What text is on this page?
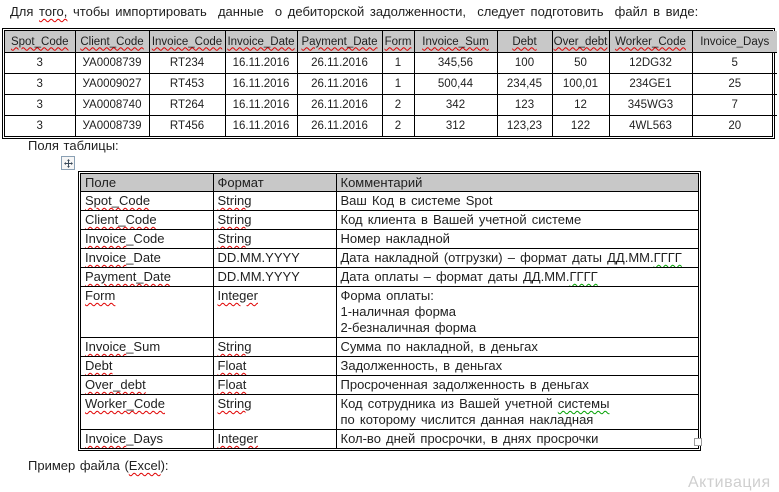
Для того, чтобы импортировать  данные  о дебиторской задолженности,  следует подготовить  файл в виде:

Spot_Code	Client_Code	Invoice_Code	Invoice_Date	Payment_Date	Form	Invoice_Sum	Debt	Over_debt	Worker_Code	Invoice_Days
3	УА0008739	RT234	16.11.2016	26.11.2016	1	345,56	100	50	12DG32	5
3	УА0009027	RT453	16.11.2016	26.11.2016	1	500,44	234,45	100,01	234GE1	25
3	УА0008740	RT264	16.11.2016	26.11.2016	2	342	123	12	345WG3	7
3	УА0008739	RT456	16.11.2016	26.11.2016	2	312	123,23	122	4WL563	20

Поля таблицы:

Поле	Формат	Комментарий
Spot_Code	String	Ваш Код в системе Spot

Client_Code	String	Код клиента в Вашей учетной системе

Invoice_Code	String	Номер накладной

Invoice_Date	DD.MM.YYYY	Дата накладной (отгрузки) – формат даты ДД.ММ.ГГГГ

Payment_Date	DD.MM.YYYY	Дата оплаты – формат даты ДД.ММ.ГГГГ

Form	Integer	Форма оплаты:
1-наличная форма
2-безналичная форма

Invoice_Sum	String	Сумма по накладной, в деньгах

Debt	Float	Задолженность, в деньгах

Over_debt	Float	Просроченная задолженность в деньгах

Worker_Code	String	Код сотрудника из Вашей учетной системы
по которому числится данная накладная

Invoice_Days	Integer	Кол-во дней просрочки, в днях просрочки

Пример файла (Excel):

Активация
